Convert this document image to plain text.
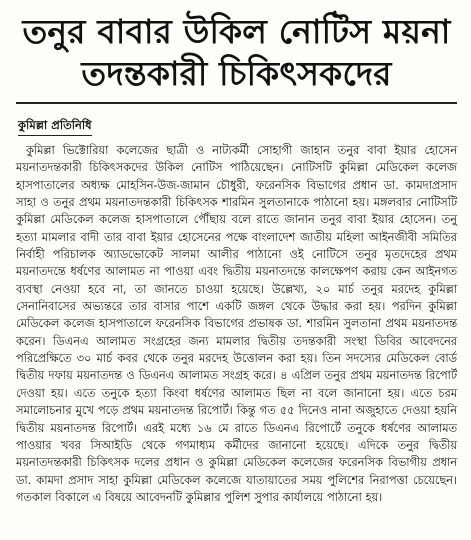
তনুর বাবার উকিল নোটিস ময়না
তদন্তকারী চিকিৎসকদের
কুমিল্লা প্রতিনিধি

কুমিল্লা ভিক্টোরিয়া কলেজের ছাত্রী ও নাট্যকর্মী সোহাগী জাহান তনুর বাবা ইয়ার হোসেন ময়নাতদন্তকারী চিকিৎসকদের উকিল নোটিস পাঠিয়েছেন। নোটিসটি কুমিল্লা মেডিকেল কলেজ হাসপাতালের অধ্যক্ষ মোহসিন-উজ-জামান চৌধুরী, ফরেনসিক বিভাগের প্রধান ডা. কামদাপ্রসাদ সাহা ও তনুর প্রথম ময়নাতদন্তকারী চিকিৎসক শারমিন সুলতানাকে পাঠানো হয়। মঙ্গলবার নোটিসটি কুমিল্লা মেডিকেল কলেজ হাসপাতালে পৌঁছায় বলে রাতে জানান তনুর বাবা ইয়ার হোসেন। তনু হত্যা মামলার বাদী তার বাবা ইয়ার হোসেনের পক্ষে বাংলাদেশ জাতীয় মহিলা আইনজীবী সমিতির নির্বাহী পরিচালক অ্যাডভোকেট সালমা আলীর পাঠানো ওই নোটিসে তনুর মৃতদেহের প্রথম ময়নাতদন্তে ধর্ষণের আলামত না পাওয়া এবং দ্বিতীয় ময়নাতদন্তে কালক্ষেপণ করায় কেন আইনগত ব্যবস্থা নেওয়া হবে না, তা জানতে চাওয়া হয়েছে। উল্লেখ্য, ২০ মার্চ তনুর মরদেহ কুমিল্লা সেনানিবাসের অভ্যন্তরে তার বাসার পাশে একটি জঙ্গল থেকে উদ্ধার করা হয়। পরদিন কুমিল্লা মেডিকেল কলেজ হাসপাতালে ফরেনসিক বিভাগের প্রভাষক ডা. শারমিন সুলতানা প্রথম ময়নাতদন্ত করেন। ডিএনএ আলামত সংগ্রহের জন্য মামলার দ্বিতীয় তদন্তকারী সংস্থা ডিবির আবেদনের পরিপ্রেক্ষিতে ৩০ মার্চ কবর থেকে তনুর মরদেহ উত্তোলন করা হয়। তিন সদস্যের মেডিকেল বোর্ড দ্বিতীয় দফায় ময়নাতদন্ত ও ডিএনএ আলামত সংগ্রহ করে। ৪ এপ্রিল তনুর প্রথম ময়নাতদন্ত রিপোর্ট দেওয়া হয়। এতে তনুকে হত্যা কিংবা ধর্ষণের আলামত ছিল না বলে জানানো হয়। এতে চরম সমালোচনার মুখে পড়ে প্রথম ময়নাতদন্ত রিপোর্ট। কিন্তু গত ৫৫ দিনেও নানা অজুহাতে দেওয়া হয়নি দ্বিতীয় ময়নাতদন্ত রিপোর্ট। এরই মধ্যে ১৬ মে রাতে ডিএনএ রিপোর্টে তনুকে ধর্ষণের আলামত পাওয়ার খবর সিআইডি থেকে গণমাধ্যম কর্মীদের জানানো হয়েছে। এদিকে তনুর দ্বিতীয় ময়নাতদন্তকারী চিকিৎসক দলের প্রধান ও কুমিল্লা মেডিকেল কলেজের ফরেনসিক বিভাগীয় প্রধান ডা. কামদা প্রসাদ সাহা কুমিল্লা মেডিকেল কলেজে যাতায়াতের সময় পুলিশের নিরাপত্তা চেয়েছেন। গতকাল বিকালে এ বিষয়ে আবেদনটি কুমিল্লার পুলিশ সুপার কার্যালয়ে পাঠানো হয়।
